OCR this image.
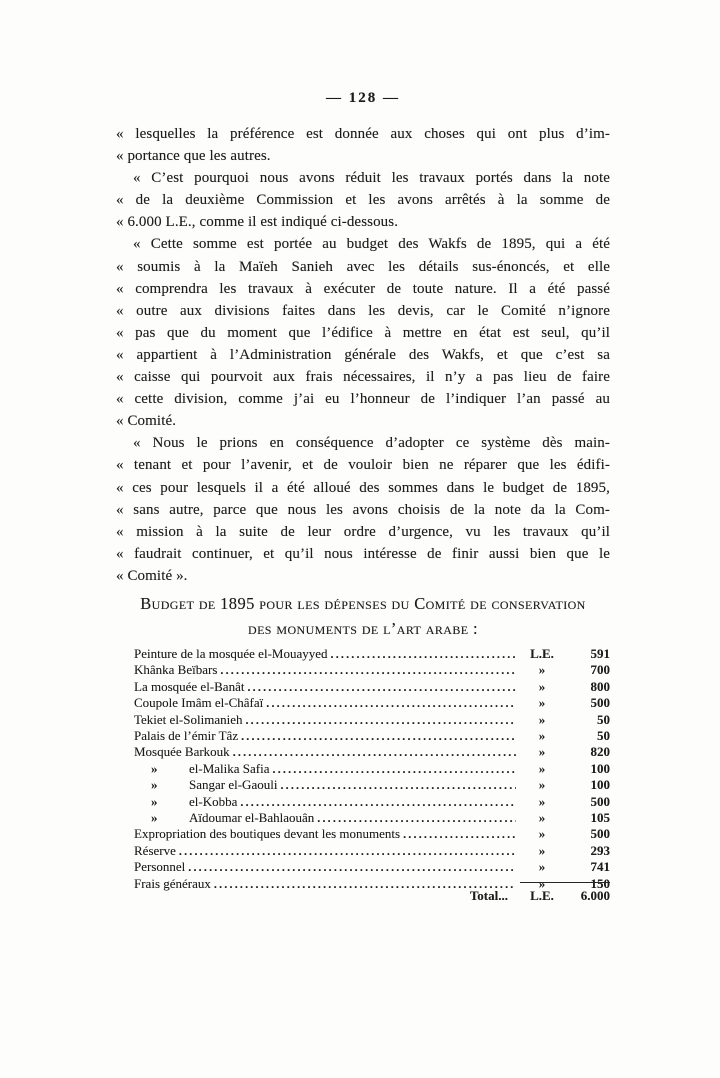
— 128 —
« lesquelles la préférence est donnée aux choses qui ont plus d’im-
« portance que les autres.
« C’est pourquoi nous avons réduit les travaux portés dans la note
« de la deuxième Commission et les avons arrêtés à la somme de
« 6.000 L.E., comme il est indiqué ci-dessous.
« Cette somme est portée au budget des Wakfs de 1895, qui a été
« soumis à la Maïeh Sanieh avec les détails sus-énoncés, et elle
« comprendra les travaux à exécuter de toute nature. Il a été passé
« outre aux divisions faites dans les devis, car le Comité n’ignore
« pas que du moment que l’édifice à mettre en état est seul, qu’il
« appartient à l’Administration générale des Wakfs, et que c’est sa
« caisse qui pourvoit aux frais nécessaires, il n’y a pas lieu de faire
« cette division, comme j’ai eu l’honneur de l’indiquer l’an passé au
« Comité.
« Nous le prions en conséquence d’adopter ce système dès main-
« tenant et pour l’avenir, et de vouloir bien ne réparer que les édifi-
« ces pour lesquels il a été alloué des sommes dans le budget de 1895,
« sans autre, parce que nous les avons choisis de la note da la Com-
« mission à la suite de leur ordre d’urgence, vu les travaux qu’il
« faudrait continuer, et qu’il nous intéresse de finir aussi bien que le
« Comité ».
Budget de 1895 pour les dépenses du Comité de conservation
des monuments de l’art arabe :
Peinture de la mosquée el-Mouayyed .....	L.E.	591
Khânka Beïbars .....	»	700
La mosquée el-Banât .....	»	800
Coupole Imâm el-Châfaï .....	»	500
Tekiet el-Solimanieh .....	»	50
Palais de l’émir Tâz .....	»	50
Mosquée Barkouk .....	»	820
»	el-Malika Safia .....	»	100
»	Sangar el-Gaouli .....	»	100
»	el-Kobba .....	»	500
»	Aïdoumar el-Bahlaouân .....	»	105
Expropriation des boutiques devant les monuments .....	»	500
Réserve .....	»	293
Personnel .....	»	741
Frais généraux .....	»	150
Total...	L.E.	6.000
